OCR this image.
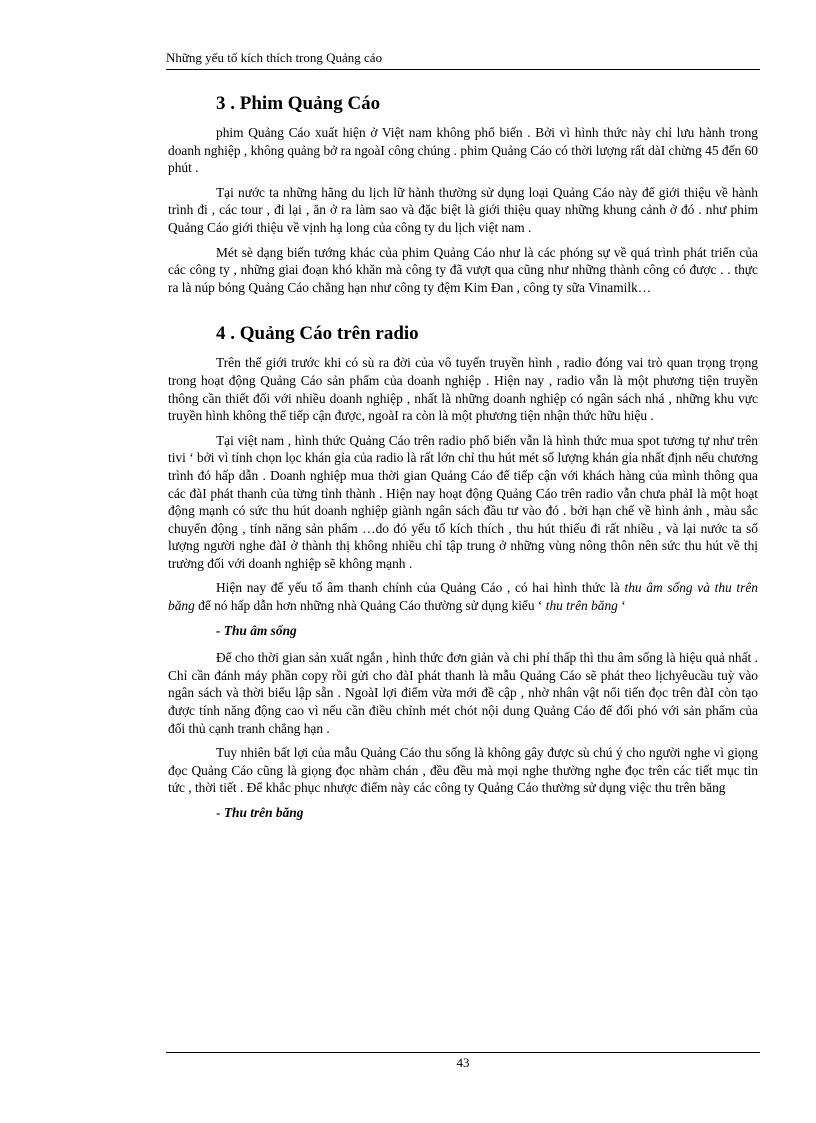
Những yếu tố kích thích trong Quảng cáo
3 . Phim Quảng Cáo

phim Quảng Cáo xuất hiện ở Việt nam không phổ biến . Bởi vì hình thức này chỉ lưu hành trong doanh nghiệp , không quảng bở ra ngoàI công chúng . phim Quảng Cáo có thời lượng rất dàI chừng 45 đến 60 phút .

Tại nước ta những hãng du lịch lữ hành thường sử dụng loại Quảng Cáo này để giới thiệu về hành trình đi , các tour , đi lại , ăn ở ra làm sao và đặc biệt là giới thiệu quay những khung cảnh ở đó . như phim Quảng Cáo giới thiệu về vịnh hạ long của công ty du lịch việt nam .

Mét sè dạng biến tướng khác của phim Quảng Cáo như là các phóng sự về quá trình phát triển của các công ty , những giai đoạn khó khăn mà công ty đã vượt qua cũng như những thành công có được . . thực ra là núp bóng Quảng Cáo chẳng hạn như công ty đệm Kim Đan , công ty sữa Vinamilk…

4 . Quảng Cáo trên radio

Trên thế giới trước khi có sù ra đời của vô tuyến truyền hình , radio đóng vai trò quan trọng trọng trong hoạt động Quảng Cáo sản phẩm của doanh nghiệp . Hiện nay , radio vẫn là một phương tiện truyền thông cần thiết đối với nhiều doanh nghiệp , nhất là những doanh nghiệp có ngân sách nhá , những khu vực truyền hình không thể tiếp cận được, ngoàI ra còn là một phương tiện nhận thức hữu hiệu .

Tại việt nam , hình thức Quảng Cáo trên radio phổ biến vẫn là hình thức mua spot tương tự như trên tivi ‘ bởi vì tính chọn lọc khán gỉa của radio là rất lớn chỉ thu hút mét số lượng khán gỉa nhất định nếu chương trình đó hấp dẫn . Doanh nghiệp mua thời gian Quảng Cáo để tiếp cận với khách hàng của mình thông qua các đàI phát thanh của từng tỉnh thành . Hiện nay hoạt động Quảng Cáo trên radio vẫn chưa phảI là một hoạt động mạnh có sức thu hút doanh nghiệp giành ngân sách đầu tư vào đó . bởi hạn chế về hình ảnh , màu sắc chuyển động , tính năng sản phẩm …do đó yếu tố kích thích , thu hút thiếu đi rất nhiều , và lại nước ta số lượng người nghe đàI ở thành thị không nhiều chỉ tập trung ở những vùng nông thôn nên sức thu hút về thị trường đối với doanh nghiệp sẽ không mạnh .

Hiện nay để yếu tố âm thanh chính của Quảng Cáo , có hai hình thức là thu âm sống và thu trên băng để nó hấp dẫn hơn những nhà Quảng Cáo thường sử dụng kiểu ‘ thu trên băng ‘

- Thu âm sống

Để cho thời gian sản xuất ngắn , hình thức đơn giản và chi phí thấp thì thu âm sống là hiệu quả nhất . Chỉ cần đánh máy phần copy rồi gửi cho đàI phát thanh là mẫu Quảng Cáo sẽ phát theo lịchyêucầu tuỳ vào ngân sách và thời biểu lập sẵn . NgoàI lợi điểm vừa mới đề cập , nhờ nhân vật nổi tiến đọc trên đàI còn tạo được tính năng động cao vì nếu cần điều chỉnh mét chót nội dung Quảng Cáo để đối phó với sản phẩm của đối thủ cạnh tranh chẳng hạn .

Tuy nhiên bất lợi của mẫu Quảng Cáo thu sống là không gây được sù chú ý cho người nghe vì giọng đọc Quảng Cáo cũng là giọng đọc nhàm chán , đều đều mà mọi nghe thường nghe đọc trên các tiết mục tin tức , thời tiết . Để khắc phục nhược điểm này các công ty Quảng Cáo thường sử dụng việc thu trên băng

- Thu trên băng
43
